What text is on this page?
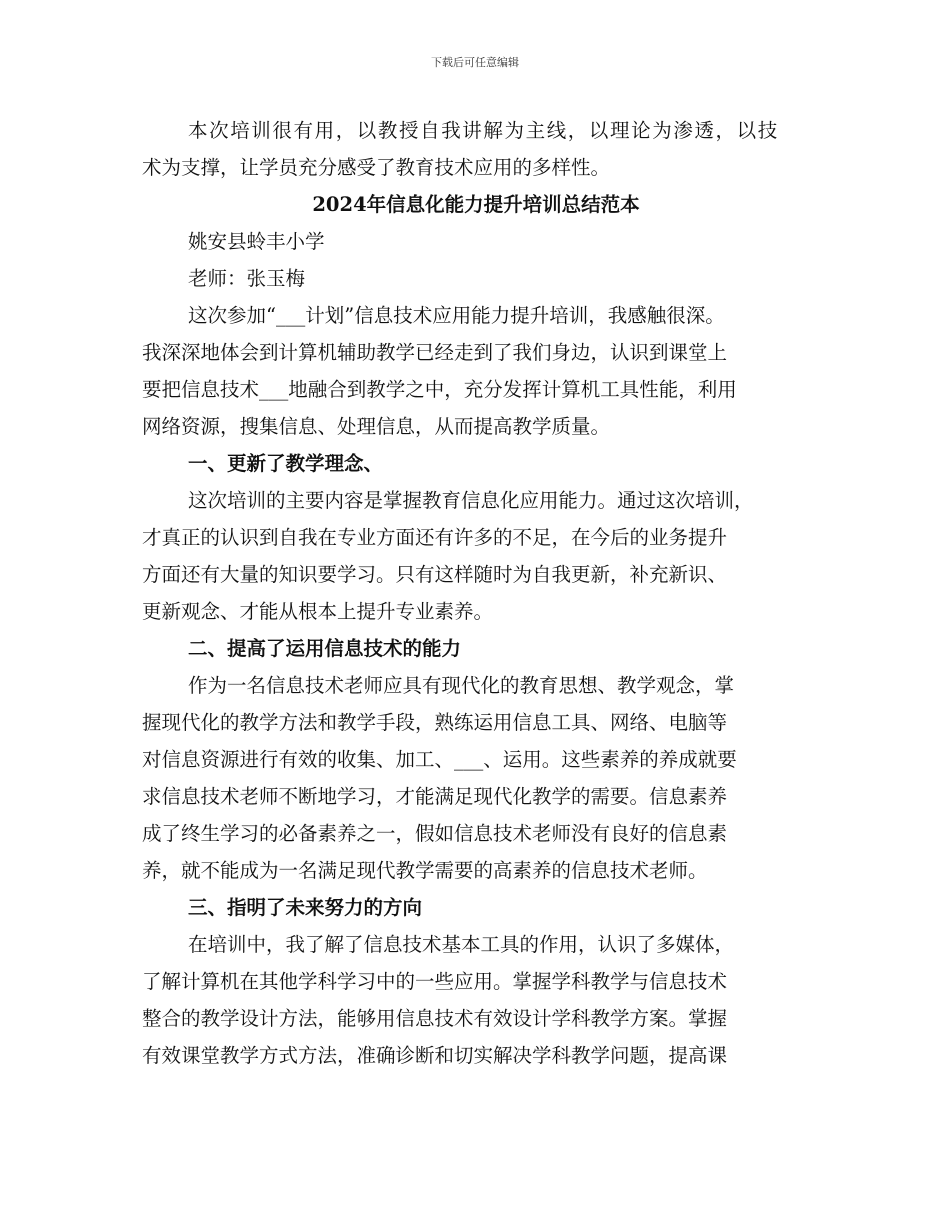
下载后可任意编辑
本次培训很有用，以教授自我讲解为主线，以理论为渗透，以技
术为支撑，让学员充分感受了教育技术应用的多样性。
2024年信息化能力提升培训总结范本
姚安县蛉丰小学
老师：张玉梅
这次参加“___计划”信息技术应用能力提升培训，我感触很深。
我深深地体会到计算机辅助教学已经走到了我们身边，认识到课堂上
要把信息技术___地融合到教学之中，充分发挥计算机工具性能，利用
网络资源，搜集信息、处理信息，从而提高教学质量。
一、更新了教学理念、
这次培训的主要内容是掌握教育信息化应用能力。通过这次培训，
才真正的认识到自我在专业方面还有许多的不足，在今后的业务提升
方面还有大量的知识要学习。只有这样随时为自我更新，补充新识、
更新观念、才能从根本上提升专业素养。
二、提高了运用信息技术的能力
作为一名信息技术老师应具有现代化的教育思想、教学观念，掌
握现代化的教学方法和教学手段，熟练运用信息工具、网络、电脑等
对信息资源进行有效的收集、加工、___、运用。这些素养的养成就要
求信息技术老师不断地学习，才能满足现代化教学的需要。信息素养
成了终生学习的必备素养之一，假如信息技术老师没有良好的信息素
养，就不能成为一名满足现代教学需要的高素养的信息技术老师。
三、指明了未来努力的方向
在培训中，我了解了信息技术基本工具的作用，认识了多媒体，
了解计算机在其他学科学习中的一些应用。掌握学科教学与信息技术
整合的教学设计方法，能够用信息技术有效设计学科教学方案。掌握
有效课堂教学方式方法，准确诊断和切实解决学科教学问题，提高课
